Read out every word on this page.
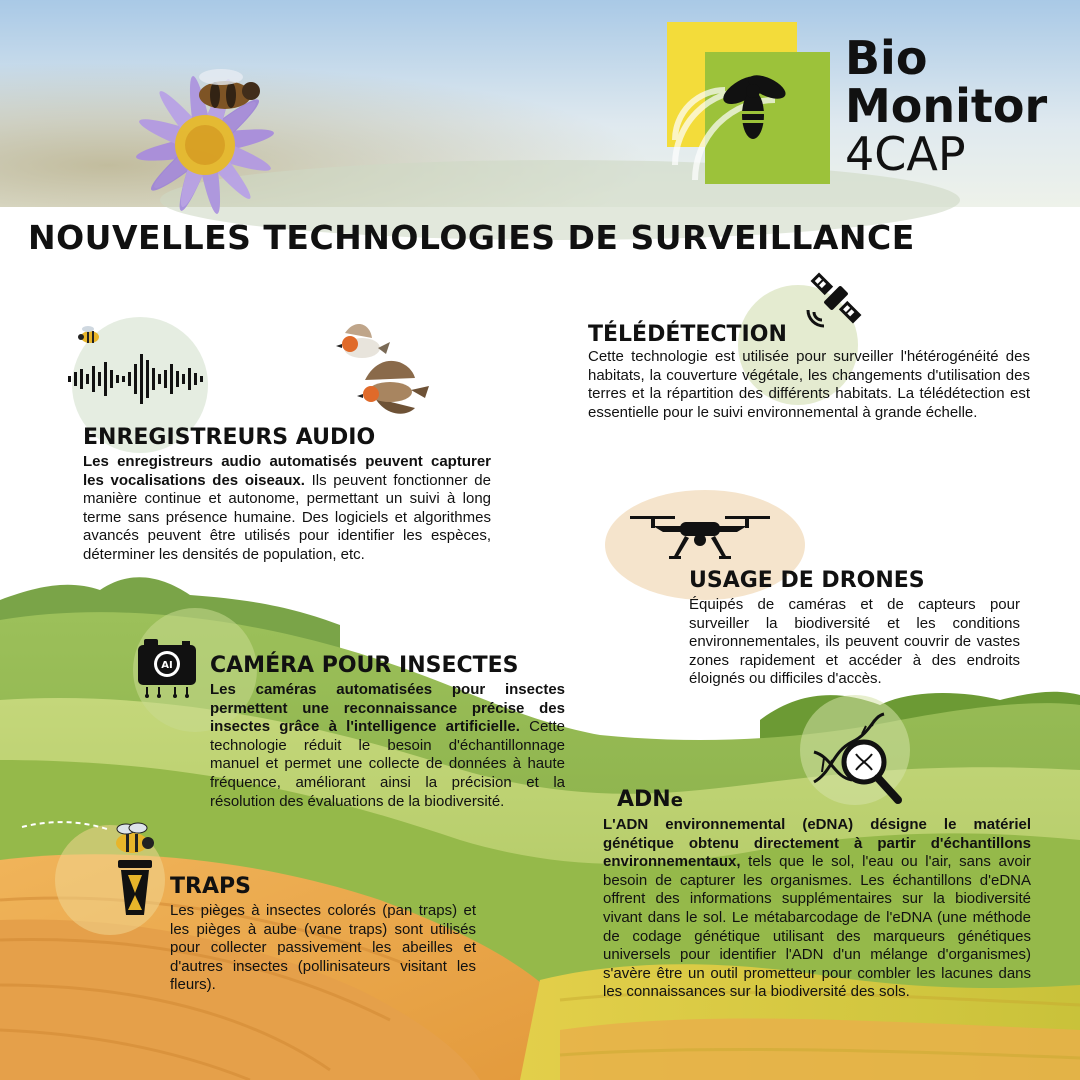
Bio
Monitor
4CAP
NOUVELLES TECHNOLOGIES DE SURVEILLANCE
AI
ENREGISTREURS AUDIO

Les enregistreurs audio automatisés peuvent capturer les vocalisations des oiseaux. Ils peuvent fonctionner de manière continue et autonome, permettant un suivi à long terme sans présence humaine. Des logiciels et algorithmes avancés peuvent être utilisés pour identifier les espèces, déterminer les densités de population, etc.

TÉLÉDÉTECTION

Cette technologie est utilisée pour surveiller l'hétérogénéité des habitats, la couverture végétale, les changements d'utilisation des terres et la répartition des différents habitats. La télédétection est essentielle pour le suivi environnemental à grande échelle.

USAGE DE DRONES

Équipés de caméras et de capteurs pour surveiller la biodiversité et les conditions environnementales, ils peuvent couvrir de vastes zones rapidement et accéder à des endroits éloignés ou difficiles d'accès.

CAMÉRA POUR INSECTES

Les caméras automatisées pour insectes permettent une reconnaissance précise des insectes grâce à l'intelligence artificielle. Cette technologie réduit le besoin d'échantillonnage manuel et permet une collecte de données à haute fréquence, améliorant ainsi la précision et la résolution des évaluations de la biodiversité.	ADNe

L'ADN environnemental (eDNA) désigne le matériel génétique obtenu directement à partir d'échantillons environnementaux, tels que le sol, l'eau ou l'air, sans avoir besoin de capturer les organismes. Les échantillons d'eDNA offrent des informations supplémentaires sur la biodiversité vivant dans le sol. Le métabarcodage de l'eDNA (une méthode de codage génétique utilisant des marqueurs génétiques universels pour identifier l'ADN d'un mélange d'organismes) s'avère être un outil prometteur pour combler les lacunes dans les connaissances sur la biodiversité des sols.

TRAPS

Les pièges à insectes colorés (pan traps) et les pièges à aube (vane traps) sont utilisés pour collecter passivement les abeilles et d'autres insectes (pollinisateurs visitant les fleurs).
